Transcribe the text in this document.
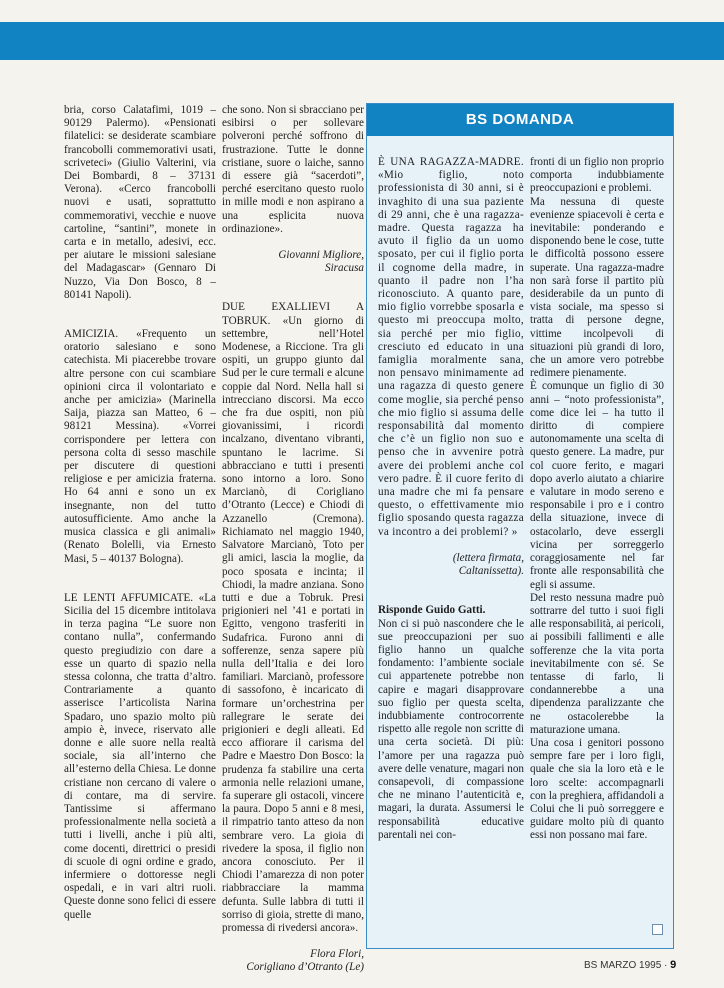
bria, corso Calatafimi, 1019 – 90129 Palermo). «Pensionati filatelici: se desiderate scambiare francobolli commemorativi usati, scriveteci» (Giulio Valterini, via Dei Bombardi, 8 – 37131 Verona). «Cerco francobolli nuovi e usati, soprattutto commemorativi, vecchie e nuove cartoline, “santini”, monete in carta e in metallo, adesivi, ecc. per aiutare le missioni salesiane del Madagascar» (Gennaro Di Nuzzo, Via Don Bosco, 8 – 80141 Napoli).

AMICIZIA. «Frequento un oratorio salesiano e sono catechista. Mi piacerebbe trovare altre persone con cui scambiare opinioni circa il volontariato e anche per amicizia» (Marinella Saija, piazza san Matteo, 6 – 98121 Messina). «Vorrei corrispondere per lettera con persona colta di sesso maschile per discutere di questioni religiose e per amicizia fraterna. Ho 64 anni e sono un ex insegnante, non del tutto autosufficiente. Amo anche la musica classica e gli animali» (Renato Bolelli, via Ernesto Masi, 5 – 40137 Bologna).

LE LENTI AFFUMICATE. «La Sicilia del 15 dicembre intitolava in terza pagina “Le suore non contano nulla”, confermando questo pregiudizio con dare a esse un quarto di spazio nella stessa colonna, che tratta d’altro. Contrariamente a quanto asserisce l’articolista Narina Spadaro, uno spazio molto più ampio è, invece, riservato alle donne e alle suore nella realtà sociale, sia all’interno che all’esterno della Chiesa. Le donne cristiane non cercano di valere o di contare, ma di servire. Tantissime si affermano professionalmente nella società a tutti i livelli, anche i più alti, come docenti, direttrici o presidi di scuole di ogni ordine e grado, infermiere o dottoresse negli ospedali, e in vari altri ruoli. Queste donne sono felici di essere quelle

che sono. Non si sbracciano per esibirsi o per sollevare polveroni perché soffrono di frustrazione. Tutte le donne cristiane, suore o laiche, sanno di essere già “sacerdoti”, perché esercitano questo ruolo in mille modi e non aspirano a una esplicita nuova ordinazione».

Giovanni Migliore,

Siracusa

DUE EXALLIEVI A TOBRUK. «Un giorno di settembre, nell’Hotel Modenese, a Riccione. Tra gli ospiti, un gruppo giunto dal Sud per le cure termali e alcune coppie dal Nord. Nella hall si intrecciano discorsi. Ma ecco che fra due ospiti, non più giovanissimi, i ricordi incalzano, diventano vibranti, spuntano le lacrime. Si abbracciano e tutti i presenti sono intorno a loro. Sono Marcianò, di Corigliano d’Otranto (Lecce) e Chiodi di Azzanello (Cremona). Richiamato nel maggio 1940, Salvatore Marcianò, Toto per gli amici, lascia la moglie, da poco sposata e incinta; il Chiodi, la madre anziana. Sono tutti e due a Tobruk. Presi prigionieri nel ’41 e portati in Egitto, vengono trasferiti in Sudafrica. Furono anni di sofferenze, senza sapere più nulla dell’Italia e dei loro familiari. Marcianò, professore di sassofono, è incaricato di formare un’orchestrina per rallegrare le serate dei prigionieri e degli alleati. Ed ecco affiorare il carisma del Padre e Maestro Don Bosco: la prudenza fa stabilire una certa armonia nelle relazioni umane, fa superare gli ostacoli, vincere la paura. Dopo 5 anni e 8 mesi, il rimpatrio tanto atteso da non sembrare vero. La gioia di rivedere la sposa, il figlio non ancora conosciuto. Per il Chiodi l’amarezza di non poter riabbracciare la mamma defunta. Sulle labbra di tutti il sorriso di gioia, strette di mano, promessa di rivedersi ancora».

Flora Flori,

Corigliano d’Otranto (Le)

BS DOMANDA

È UNA RAGAZZA-MADRE. «Mio figlio, noto professionista di 30 anni, si è invaghito di una sua paziente di 29 anni, che è una ragazza-madre. Questa ragazza ha avuto il figlio da un uomo sposato, per cui il figlio porta il cognome della madre, in quanto il padre non l’ha riconosciuto. A quanto pare, mio figlio vorrebbe sposarla e questo mi preoccupa molto, sia perché per mio figlio, cresciuto ed educato in una famiglia moralmente sana, non pensavo minimamente ad una ragazza di questo genere come moglie, sia perché penso che mio figlio si assuma delle responsabilità dal momento che c’è un figlio non suo e penso che in avvenire potrà avere dei problemi anche col vero padre. È il cuore ferito di una madre che mi fa pensare questo, o effettivamente mio figlio sposando questa ragazza va incontro a dei problemi? »

(lettera firmata,

Caltanissetta).

Risponde Guido Gatti.

Non ci si può nascondere che le sue preoccupazioni per suo figlio hanno un qualche fondamento: l’ambiente sociale cui appartenete potrebbe non capire e magari disapprovare suo figlio per questa scelta, indubbiamente controcorrente rispetto alle regole non scritte di una certa società. Di più: l’amore per una ragazza può avere delle venature, magari non consapevoli, di compassione che ne minano l’autenticità e, magari, la durata. Assumersi le responsabilità educative parentali nei con-

fronti di un figlio non proprio comporta indubbiamente preoccupazioni e problemi.

Ma nessuna di queste evenienze spiacevoli è certa e inevitabile: ponderando e disponendo bene le cose, tutte le difficoltà possono essere superate. Una ragazza-madre non sarà forse il partito più desiderabile da un punto di vista sociale, ma spesso si tratta di persone degne, vittime incolpevoli di situazioni più grandi di loro, che un amore vero potrebbe redimere pienamente.

È comunque un figlio di 30 anni – “noto professionista”, come dice lei – ha tutto il diritto di compiere autonomamente una scelta di questo genere. La madre, pur col cuore ferito, e magari dopo averlo aiutato a chiarire e valutare in modo sereno e responsabile i pro e i contro della situazione, invece di ostacolarlo, deve essergli vicina per sorreggerlo coraggiosamente nel far fronte alle responsabilità che egli si assume.

Del resto nessuna madre può sottrarre del tutto i suoi figli alle responsabilità, ai pericoli, ai possibili fallimenti e alle sofferenze che la vita porta inevitabilmente con sé. Se tentasse di farlo, li condannerebbe a una dipendenza paralizzante che ne ostacolerebbe la maturazione umana.

Una cosa i genitori possono sempre fare per i loro figli, quale che sia la loro età e le loro scelte: accompagnarli con la preghiera, affidandoli a Colui che li può sorreggere e guidare molto più di quanto essi non possano mai fare.

BS MARZO 1995 · 9
